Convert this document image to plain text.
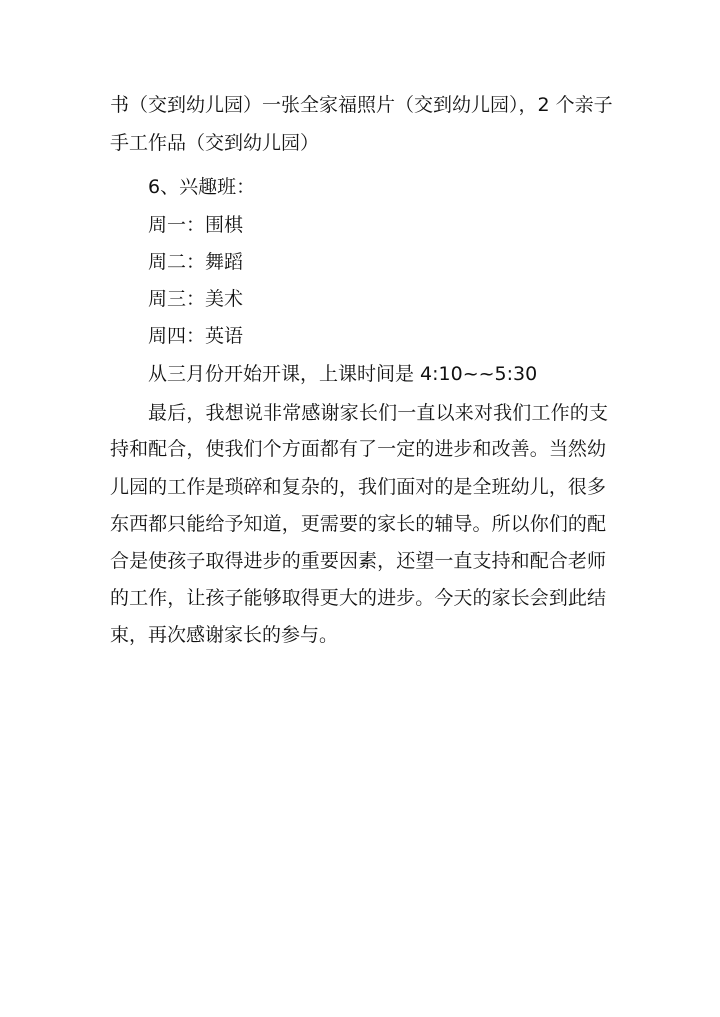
书（交到幼儿园）一张全家福照片（交到幼儿园），2 个亲子
手工作品（交到幼儿园）
6、兴趣班：
周一：围棋
周二：舞蹈
周三：美术
周四：英语
从三月份开始开课，上课时间是 4:10~~5:30
最后，我想说非常感谢家长们一直以来对我们工作的支
持和配合，使我们个方面都有了一定的进步和改善。当然幼
儿园的工作是琐碎和复杂的，我们面对的是全班幼儿，很多
东西都只能给予知道，更需要的家长的辅导。所以你们的配
合是使孩子取得进步的重要因素，还望一直支持和配合老师
的工作，让孩子能够取得更大的进步。今天的家长会到此结
束，再次感谢家长的参与。
